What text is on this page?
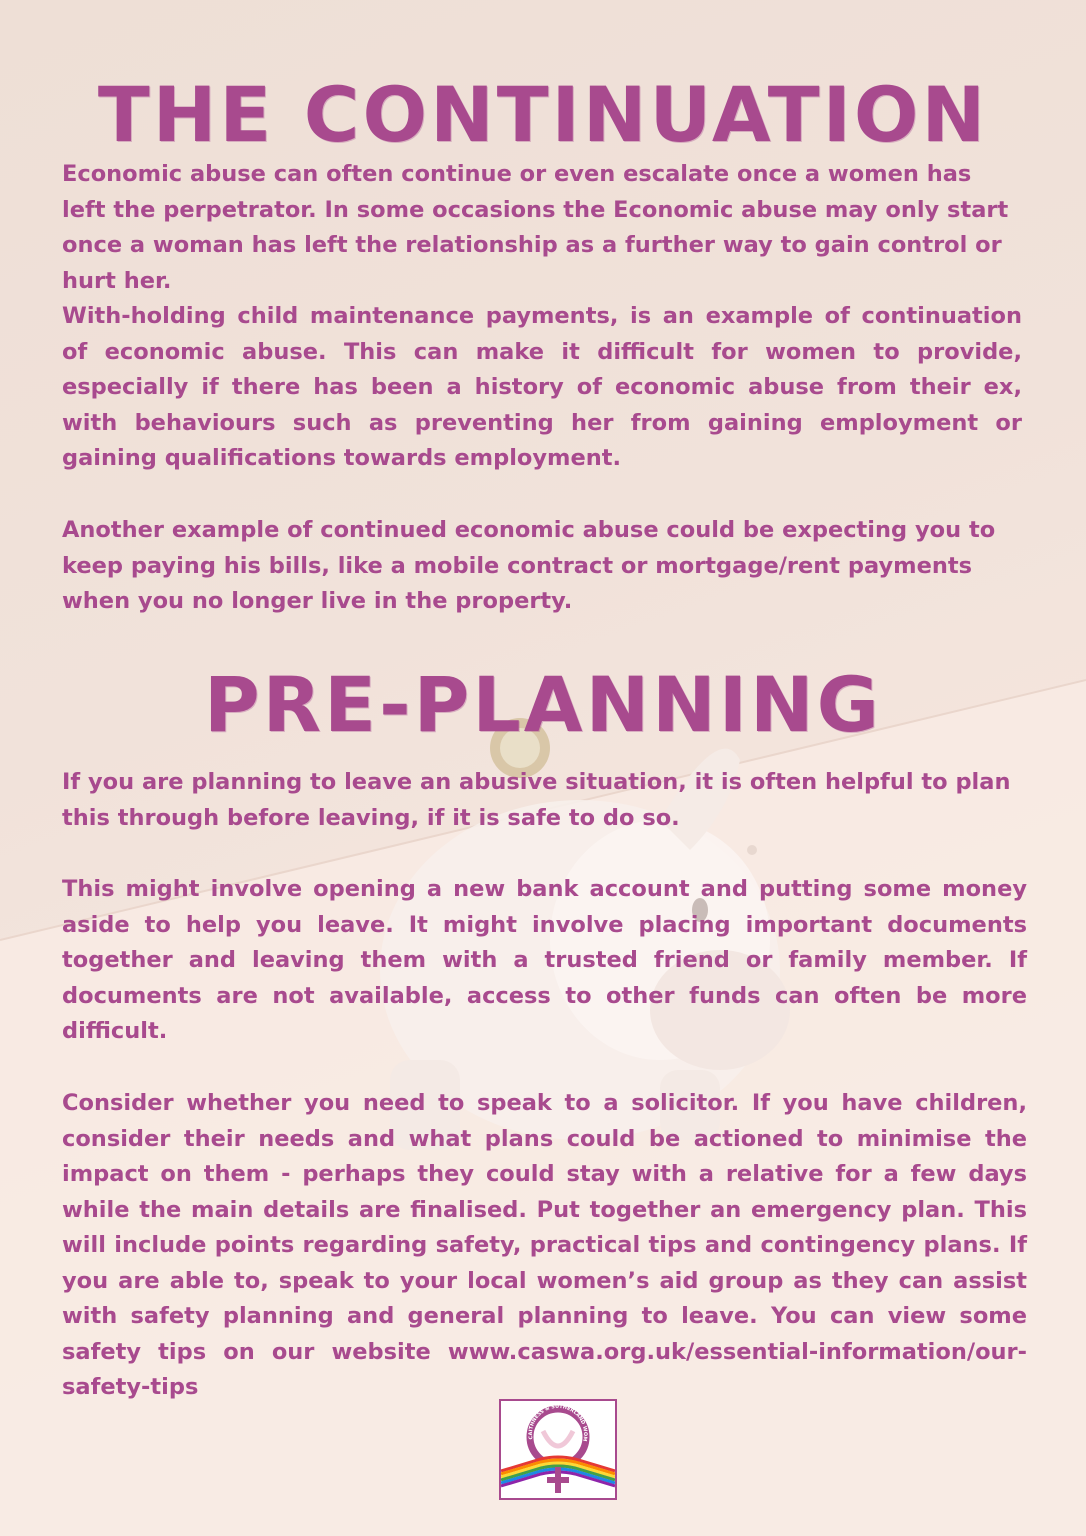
THE CONTINUATION

Economic abuse can often continue or even escalate once a women has left the perpetrator. In some occasions the Economic abuse may only start once a woman has left the relationship as a further way to gain control or hurt her.

With-holding child maintenance payments, is an example of continuation of economic abuse. This can make it difficult for women to provide, especially if there has been a history of economic abuse from their ex, with behaviours such as preventing her from gaining employment or gaining qualifications towards employment.

Another example of continued economic abuse could be expecting you to keep paying his bills, like a mobile contract or mortgage/rent payments when you no longer live in the property.

PRE-PLANNING

If you are planning to leave an abusive situation, it is often helpful to plan this through before leaving, if it is safe to do so.

This might involve opening a new bank account and putting some money aside to help you leave. It might involve placing important documents together and leaving them with a trusted friend or family member. If documents are not available, access to other funds can often be more difficult.

Consider whether you need to speak to a solicitor. If you have children, consider their needs and what plans could be actioned to minimise the impact on them - perhaps they could stay with a relative for a few days while the main details are finalised. Put together an emergency plan. This will include points regarding safety, practical tips and contingency plans. If you are able to, speak to your local women’s aid group as they can assist with safety planning and general planning to leave. You can view some safety tips on our website www.caswa.org.uk/essential-information/our-safety-tips

CAITHNESS & SUTHERLAND WOM
